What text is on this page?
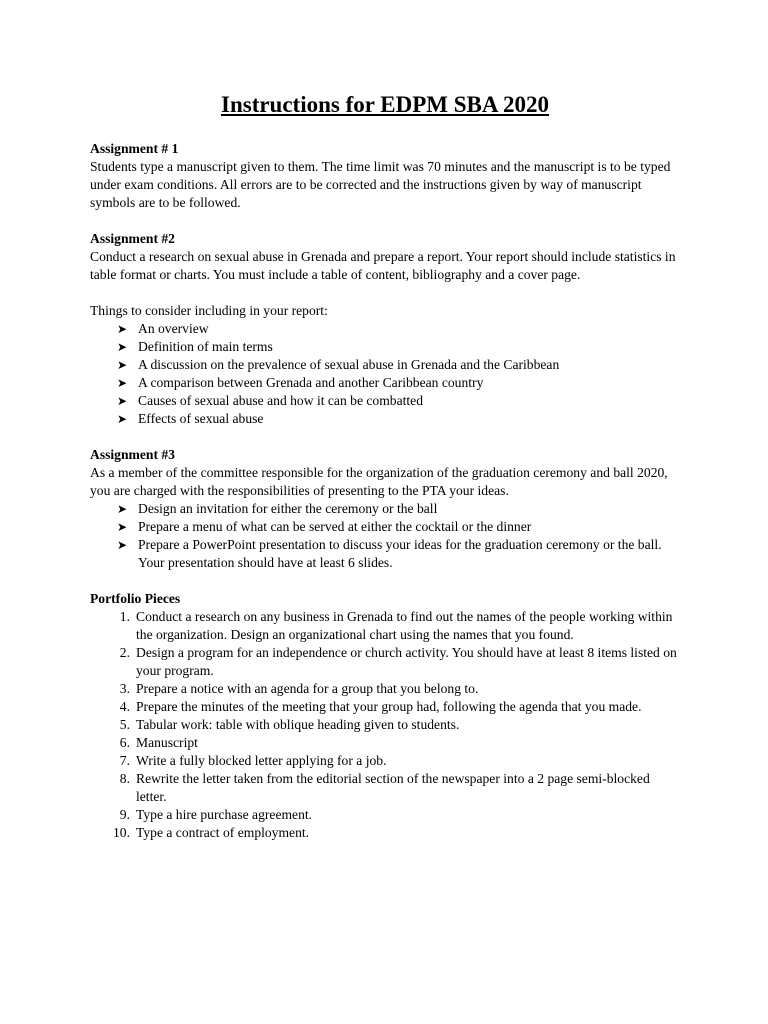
Instructions for EDPM SBA 2020

Assignment # 1

Students type a manuscript given to them. The time limit was 70 minutes and the manuscript is to be typed under exam conditions. All errors are to be corrected and the instructions given by way of manuscript symbols are to be followed.

Assignment #2

Conduct a research on sexual abuse in Grenada and prepare a report. Your report should include statistics in table format or charts. You must include a table of content, bibliography and a cover page.

Things to consider including in your report:

➤ An overview
➤ Definition of main terms
➤ A discussion on the prevalence of sexual abuse in Grenada and the Caribbean
➤ A comparison between Grenada and another Caribbean country
➤ Causes of sexual abuse and how it can be combatted
➤ Effects of sexual abuse

Assignment #3

As a member of the committee responsible for the organization of the graduation ceremony and ball 2020, you are charged with the responsibilities of presenting to the PTA your ideas.

➤ Design an invitation for either the ceremony or the ball
➤ Prepare a menu of what can be served at either the cocktail or the dinner
➤ Prepare a PowerPoint presentation to discuss your ideas for the graduation ceremony or the ball. Your presentation should have at least 6 slides.

Portfolio Pieces

1. Conduct a research on any business in Grenada to find out the names of the people working within the organization. Design an organizational chart using the names that you found.
2. Design a program for an independence or church activity. You should have at least 8 items listed on your program.
3. Prepare a notice with an agenda for a group that you belong to.
4. Prepare the minutes of the meeting that your group had, following the agenda that you made.
5. Tabular work: table with oblique heading given to students.
6. Manuscript
7. Write a fully blocked letter applying for a job.
8. Rewrite the letter taken from the editorial section of the newspaper into a 2 page semi-blocked letter.
9. Type a hire purchase agreement.
10. Type a contract of employment.
